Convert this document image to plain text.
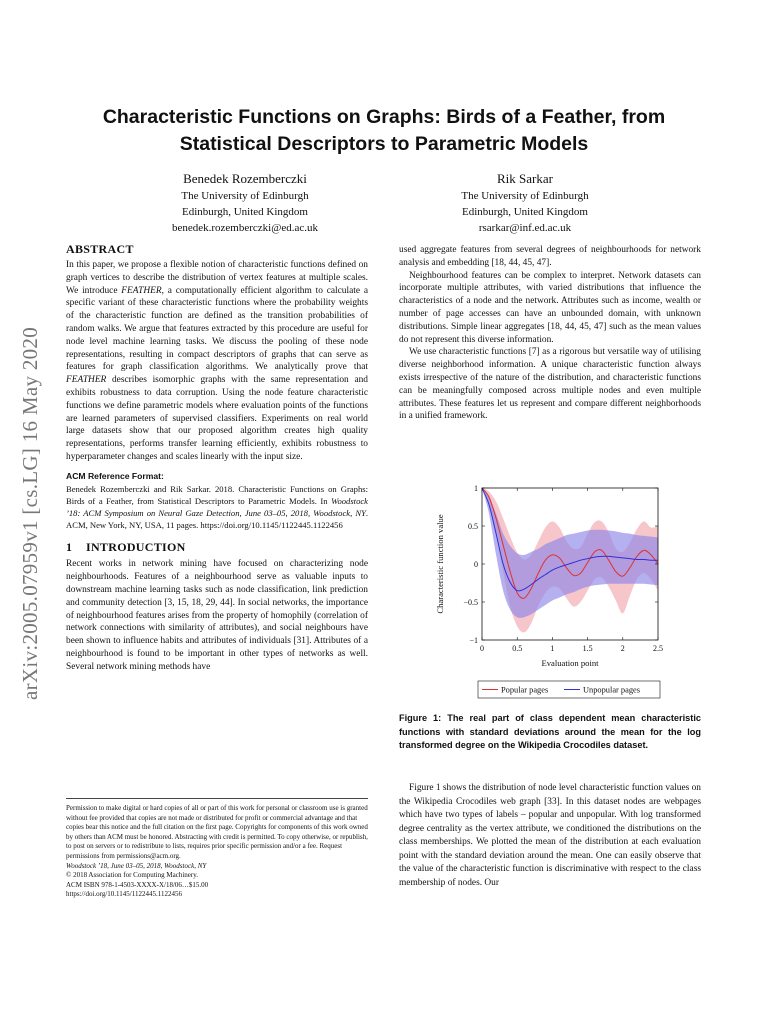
arXiv:2005.07959v1 [cs.LG] 16 May 2020
Characteristic Functions on Graphs: Birds of a Feather, from
Statistical Descriptors to Parametric Models
Benedek Rozemberczki
The University of Edinburgh
Edinburgh, United Kingdom
benedek.rozemberczki@ed.ac.uk
Rik Sarkar
The University of Edinburgh
Edinburgh, United Kingdom
rsarkar@inf.ed.ac.uk
ABSTRACT

In this paper, we propose a flexible notion of characteristic functions defined on graph vertices to describe the distribution of vertex features at multiple scales. We introduce FEATHER, a computationally efficient algorithm to calculate a specific variant of these characteristic functions where the probability weights of the characteristic function are defined as the transition probabilities of random walks. We argue that features extracted by this procedure are useful for node level machine learning tasks. We discuss the pooling of these node representations, resulting in compact descriptors of graphs that can serve as features for graph classification algorithms. We analytically prove that FEATHER describes isomorphic graphs with the same representation and exhibits robustness to data corruption. Using the node feature characteristic functions we define parametric models where evaluation points of the functions are learned parameters of supervised classifiers. Experiments on real world large datasets show that our proposed algorithm creates high quality representations, performs transfer learning efficiently, exhibits robustness to hyperparameter changes and scales linearly with the input size.

ACM Reference Format:

Benedek Rozemberczki and Rik Sarkar. 2018. Characteristic Functions on Graphs: Birds of a Feather, from Statistical Descriptors to Parametric Models. In Woodstock ’18: ACM Symposium on Neural Gaze Detection, June 03–05, 2018, Woodstock, NY. ACM, New York, NY, USA, 11 pages. https://doi.org/10.1145/1122445.1122456

1 INTRODUCTION

Recent works in network mining have focused on characterizing node neighbourhoods. Features of a neighbourhood serve as valuable inputs to downstream machine learning tasks such as node classification, link prediction and community detection [3, 15, 18, 29, 44]. In social networks, the importance of neighbourhood features arises from the property of homophily (correlation of network connections with similarity of attributes), and social neighbours have been shown to influence habits and attributes of individuals [31]. Attributes of a neighbourhood is found to be important in other types of networks as well. Several network mining methods have

Permission to make digital or hard copies of all or part of this work for personal or classroom use is granted without fee provided that copies are not made or distributed for profit or commercial advantage and that copies bear this notice and the full citation on the first page. Copyrights for components of this work owned by others than ACM must be honored. Abstracting with credit is permitted. To copy otherwise, or republish, to post on servers or to redistribute to lists, requires prior specific permission and/or a fee. Request permissions from permissions@acm.org.
Woodstock ’18, June 03–05, 2018, Woodstock, NY
© 2018 Association for Computing Machinery.
ACM ISBN 978-1-4503-XXXX-X/18/06…$15.00
https://doi.org/10.1145/1122445.1122456

used aggregate features from several degrees of neighbourhoods for network analysis and embedding [18, 44, 45, 47].

Neighbourhood features can be complex to interpret. Network datasets can incorporate multiple attributes, with varied distributions that influence the characteristics of a node and the network. Attributes such as income, wealth or number of page accesses can have an unbounded domain, with unknown distributions. Simple linear aggregates [18, 44, 45, 47] such as the mean values do not represent this diverse information.

We use characteristic functions [7] as a rigorous but versatile way of utilising diverse neighborhood information. A unique characteristic function always exists irrespective of the nature of the distribution, and characteristic functions can be meaningfully composed across multiple nodes and even multiple attributes. These features let us represent and compare different neighborhoods in a unified framework.

0	0.5	1	1.5	2	2.5
−1
−0.5
0
0.5
1
Evaluation point
Characteristic function value
Popular pages	Unpopular pages
Figure 1: The real part of class dependent mean characteristic functions with standard deviations around the mean for the log transformed degree on the Wikipedia Crocodiles dataset.

Figure 1 shows the distribution of node level characteristic function values on the Wikipedia Crocodiles web graph [33]. In this dataset nodes are webpages which have two types of labels – popular and unpopular. With log transformed degree centrality as the vertex attribute, we conditioned the distributions on the class memberships. We plotted the mean of the distribution at each evaluation point with the standard deviation around the mean. One can easily observe that the value of the characteristic function is discriminative with respect to the class membership of nodes. Our
